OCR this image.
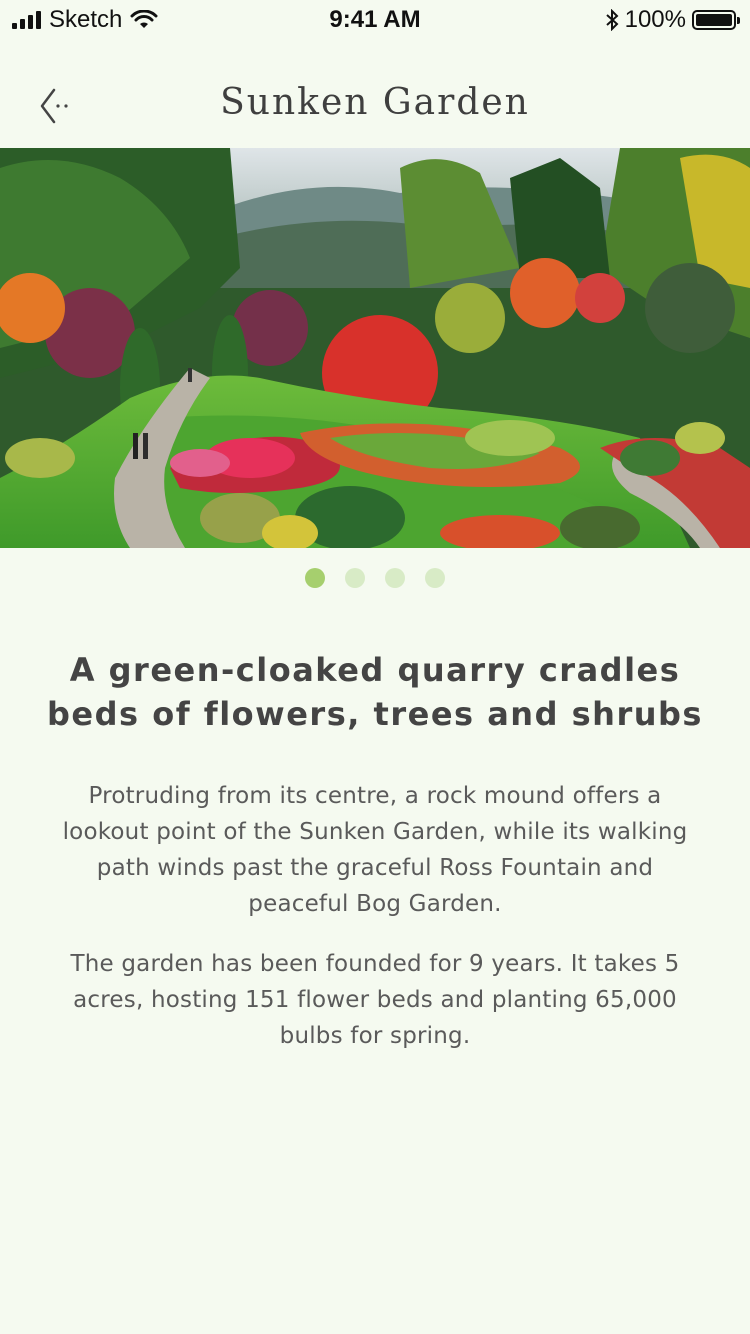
Sketch	9:41 AM	100%
Sunken Garden
A green-cloaked quarry cradles beds of flowers, trees and shrubs

Protruding from its centre, a rock mound offers a lookout point of the Sunken Garden, while its walking path winds past the graceful Ross Fountain and peaceful Bog Garden.

The garden has been founded for 9 years. It takes 5 acres, hosting 151 flower beds and planting 65,000 bulbs for spring.
